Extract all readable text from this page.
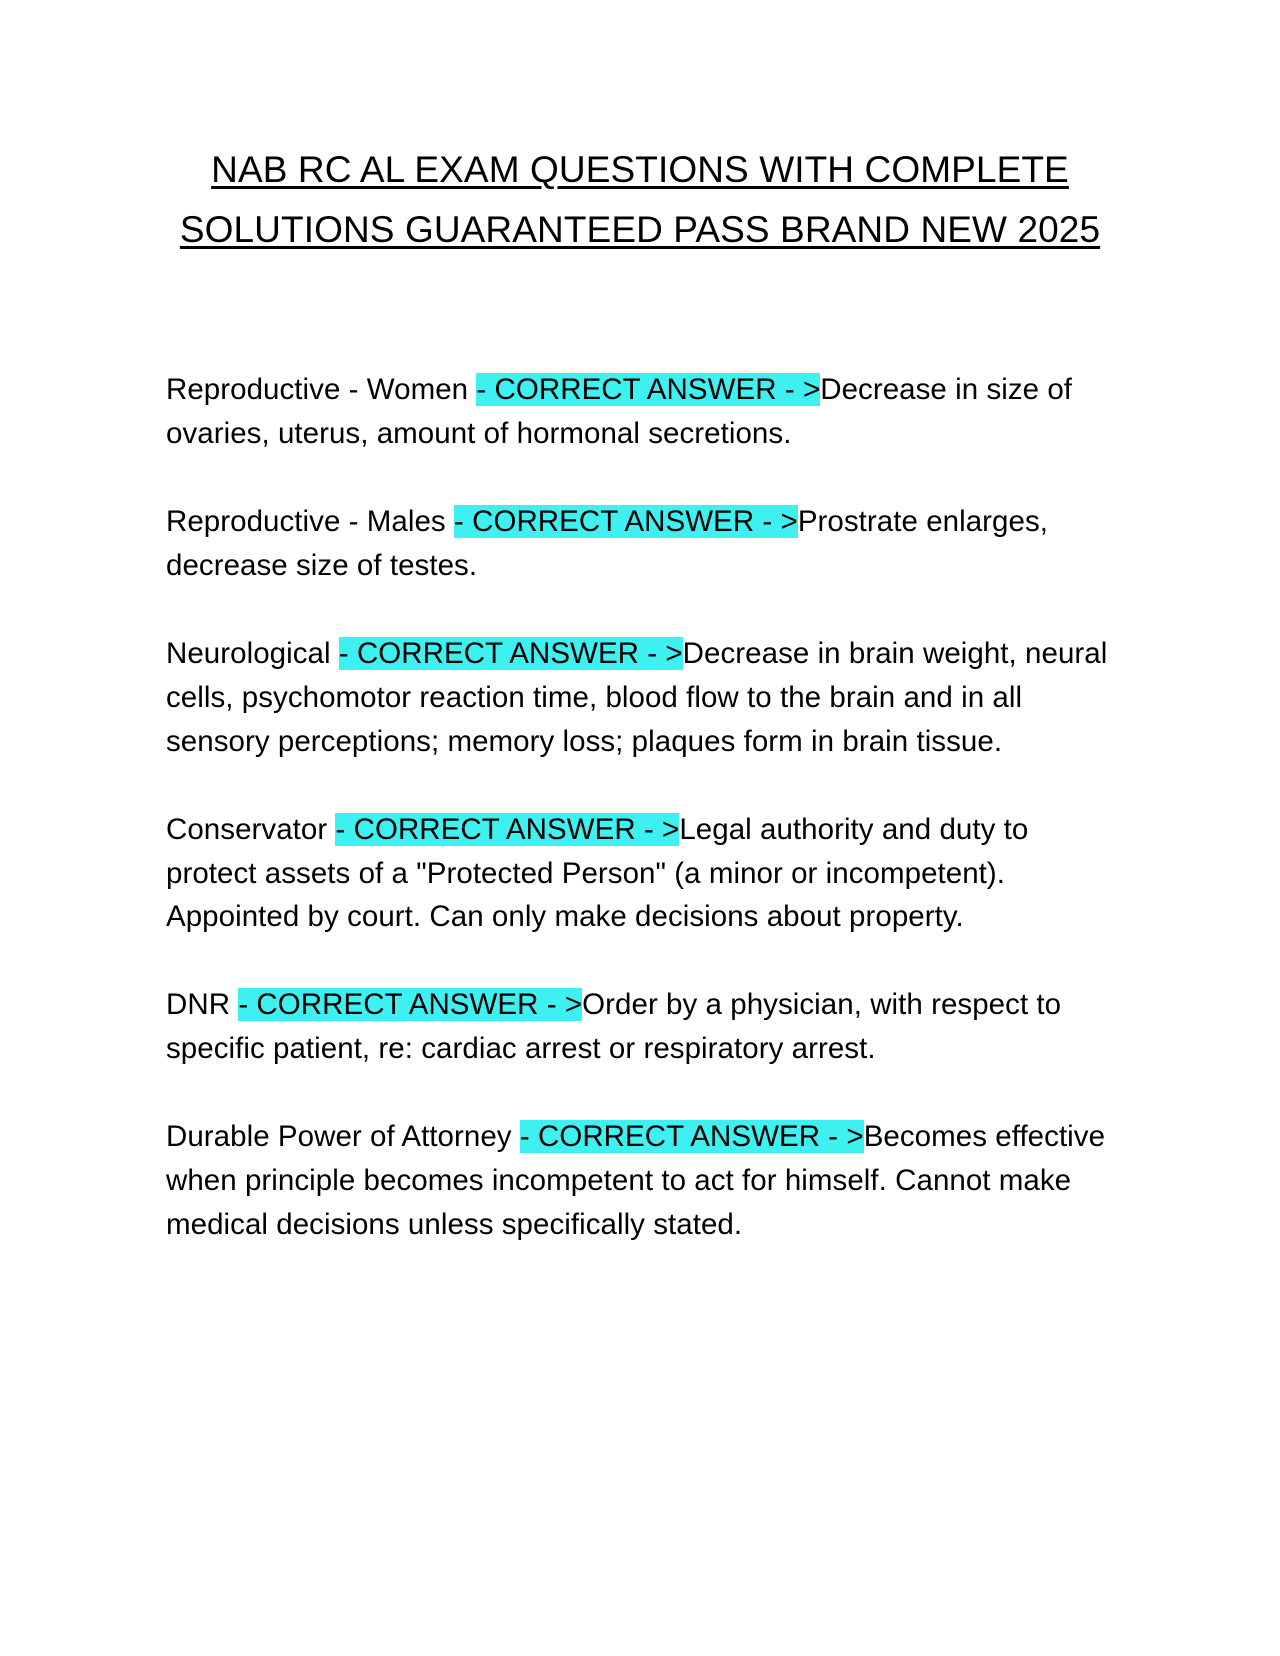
NAB RC AL EXAM QUESTIONS WITH COMPLETE
SOLUTIONS GUARANTEED PASS BRAND NEW 2025

Reproductive - Women - CORRECT ANSWER - >Decrease in size of ovaries, uterus, amount of hormonal secretions.

Reproductive - Males - CORRECT ANSWER - >Prostrate enlarges, decrease size of testes.

Neurological - CORRECT ANSWER - >Decrease in brain weight, neural cells, psychomotor reaction time, blood flow to the brain and in all sensory perceptions; memory loss; plaques form in brain tissue.

Conservator - CORRECT ANSWER - >Legal authority and duty to protect assets of a "Protected Person" (a minor or incompetent). Appointed by court. Can only make decisions about property.

DNR - CORRECT ANSWER - >Order by a physician, with respect to specific patient, re: cardiac arrest or respiratory arrest.

Durable Power of Attorney - CORRECT ANSWER - >Becomes effective when principle becomes incompetent to act for himself. Cannot make medical decisions unless specifically stated.
